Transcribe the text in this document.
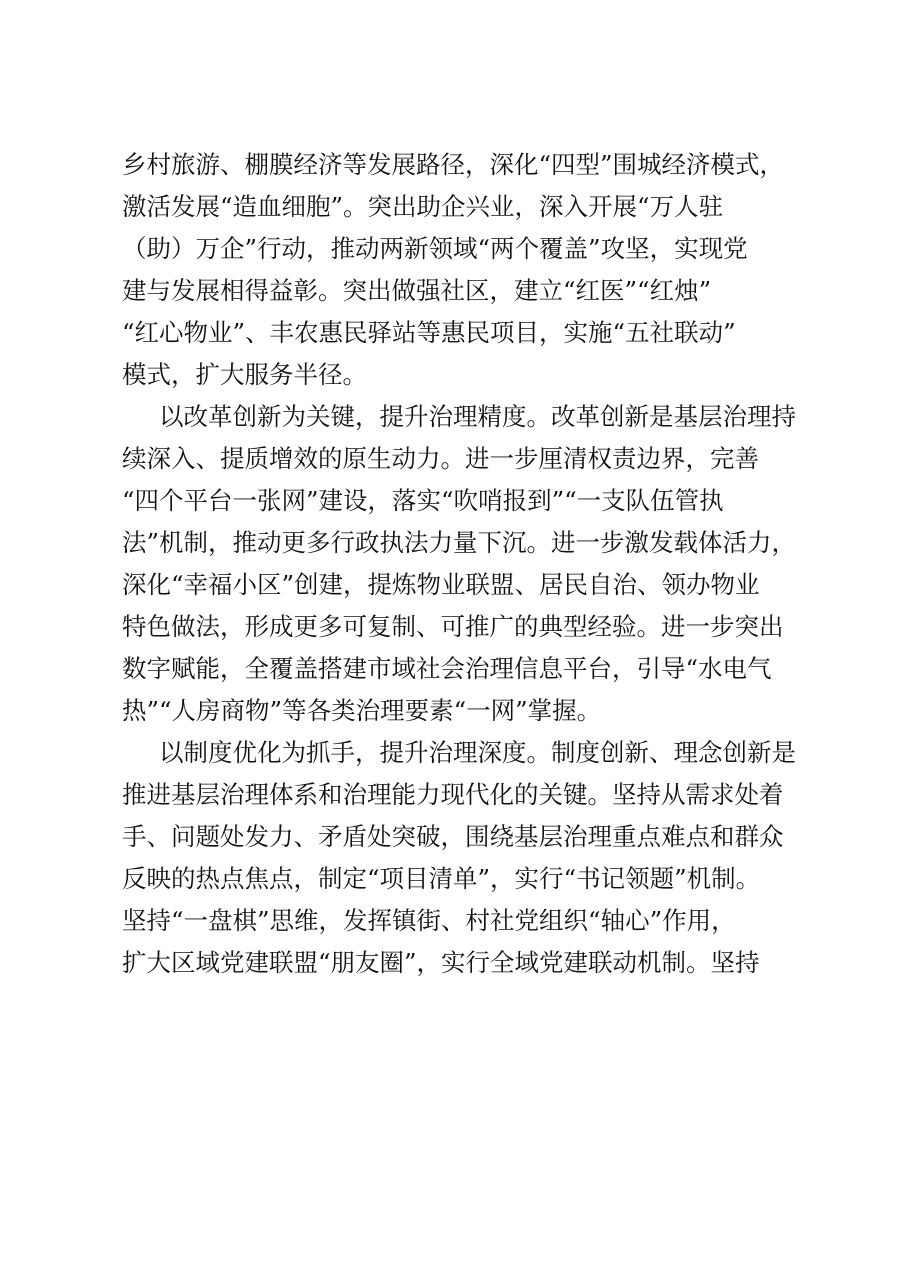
乡村旅游、棚膜经济等发展路径，深化“四型”围城经济模式，
激活发展“造血细胞”。突出助企兴业，深入开展“万人驻
（助）万企”行动，推动两新领域“两个覆盖”攻坚，实现党
建与发展相得益彰。突出做强社区，建立“红医”“红烛”
“红心物业”、丰农惠民驿站等惠民项目，实施“五社联动”
模式，扩大服务半径。
以改革创新为关键，提升治理精度。改革创新是基层治理持
续深入、提质增效的原生动力。进一步厘清权责边界，完善
“四个平台一张网”建设，落实“吹哨报到”“一支队伍管执
法”机制，推动更多行政执法力量下沉。进一步激发载体活力，
深化“幸福小区”创建，提炼物业联盟、居民自治、领办物业
特色做法，形成更多可复制、可推广的典型经验。进一步突出
数字赋能，全覆盖搭建市域社会治理信息平台，引导“水电气
热”“人房商物”等各类治理要素“一网”掌握。
以制度优化为抓手，提升治理深度。制度创新、理念创新是
推进基层治理体系和治理能力现代化的关键。坚持从需求处着
手、问题处发力、矛盾处突破，围绕基层治理重点难点和群众
反映的热点焦点，制定“项目清单”，实行“书记领题”机制。
坚持“一盘棋”思维，发挥镇街、村社党组织“轴心”作用，
扩大区域党建联盟“朋友圈”，实行全域党建联动机制。坚持
